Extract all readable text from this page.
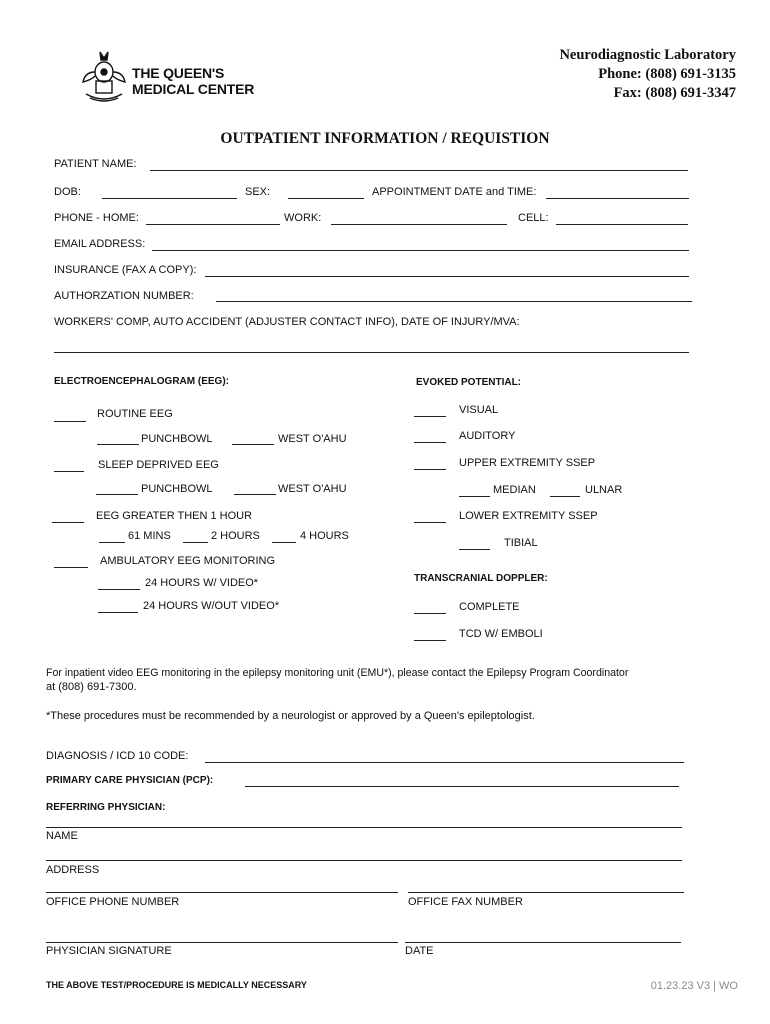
THE QUEEN'S
MEDICAL CENTER
Neurodiagnostic Laboratory
Phone: (808) 691-3135
Fax: (808) 691-3347
OUTPATIENT INFORMATION / REQUISTION
PATIENT NAME:
DOB:	SEX:	APPOINTMENT DATE and TIME:
PHONE - HOME:	WORK:	CELL:
EMAIL ADDRESS:
INSURANCE (FAX A COPY):
AUTHORZATION NUMBER:
WORKERS' COMP, AUTO ACCIDENT (ADJUSTER CONTACT INFO), DATE OF INJURY/MVA:
ELECTROENCEPHALOGRAM (EEG):
ROUTINE EEG
PUNCHBOWL	WEST O'AHU
SLEEP DEPRIVED EEG
PUNCHBOWL	WEST O'AHU
EEG GREATER THEN 1 HOUR
61 MINS	2 HOURS	4 HOURS
AMBULATORY EEG MONITORING
24 HOURS W/ VIDEO*
24 HOURS W/OUT VIDEO*
EVOKED POTENTIAL:
VISUAL
AUDITORY
UPPER EXTREMITY SSEP
MEDIAN	ULNAR
LOWER EXTREMITY SSEP
TIBIAL
TRANSCRANIAL DOPPLER:
COMPLETE
TCD W/ EMBOLI
For inpatient video EEG monitoring in the epilepsy monitoring unit (EMU*), please contact the Epilepsy Program Coordinator
at (808) 691-7300.
*These procedures must be recommended by a neurologist or approved by a Queen's epileptologist.
DIAGNOSIS / ICD 10 CODE:
PRIMARY CARE PHYSICIAN (PCP):
REFERRING PHYSICIAN:
NAME
ADDRESS
OFFICE PHONE NUMBER	OFFICE FAX NUMBER
PHYSICIAN SIGNATURE	DATE
THE ABOVE TEST/PROCEDURE IS MEDICALLY NECESSARY	01.23.23 V3 | WO
